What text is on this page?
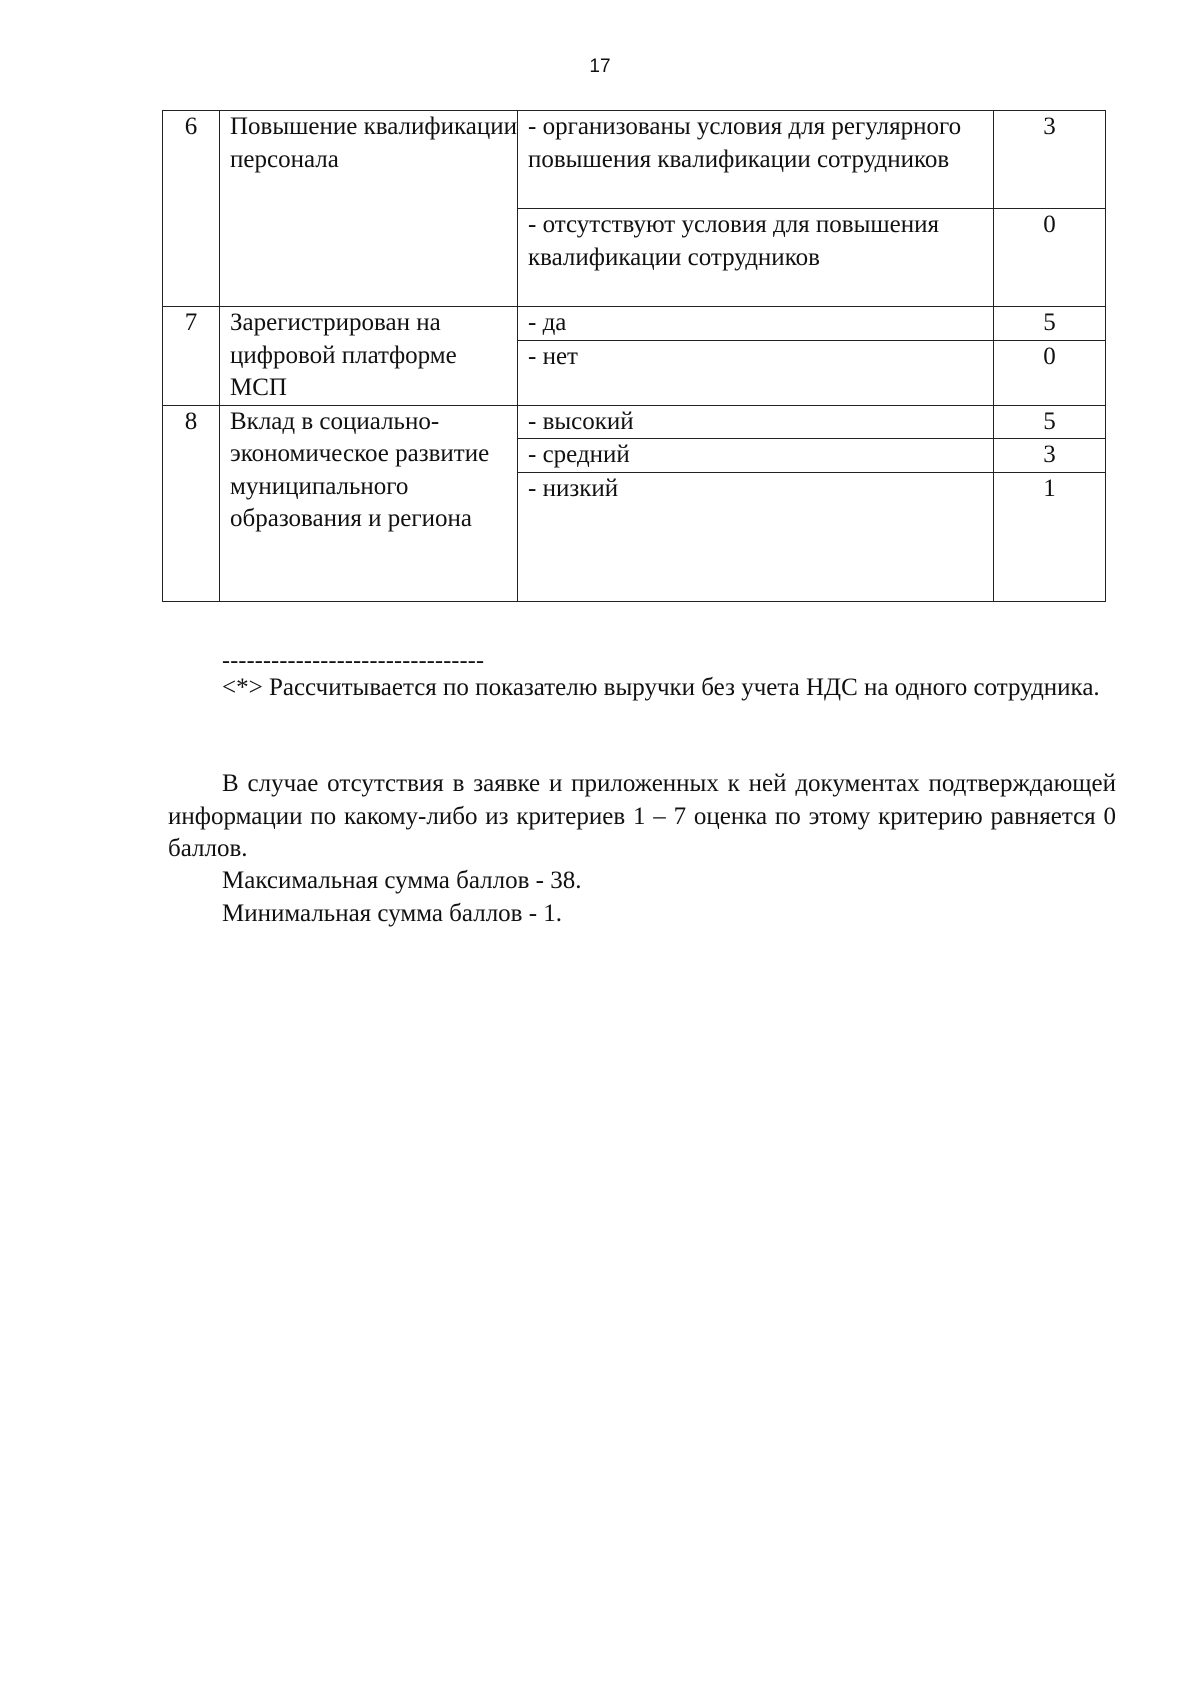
17
6	Повышение квалификации персонала	- организованы условия для регулярного повышения квалификации сотрудников	3
		- отсутствуют условия для повышения квалификации сотрудников	0
7	Зарегистрирован на цифровой платформе МСП	- да	5
		- нет	0
8	Вклад в социально-экономическое развитие муниципального образования и региона	- высокий	5
		- средний	3
		- низкий	1
--------------------------------

<*> Рассчитывается по показателю выручки без учета НДС на одного сотрудника.

В случае отсутствия в заявке и приложенных к ней документах подтверждающей информации по какому-либо из критериев 1 – 7 оценка по этому критерию равняется 0 баллов.

Максимальная сумма баллов - 38.

Минимальная сумма баллов - 1.
